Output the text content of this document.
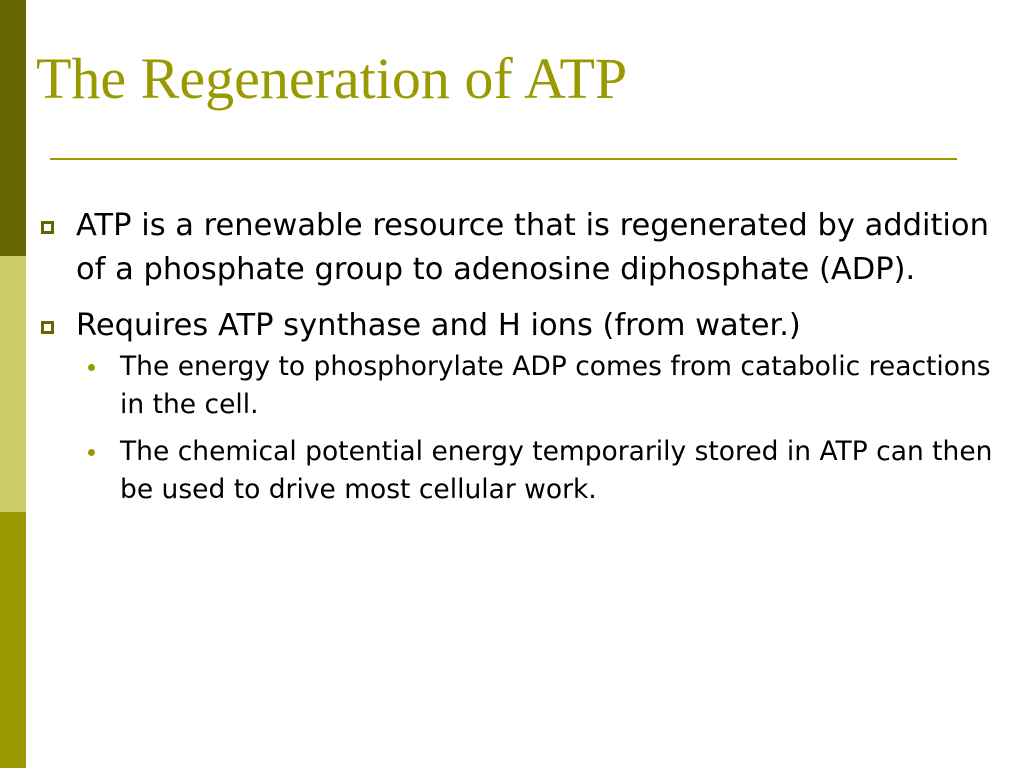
The Regeneration of ATP
ATP is a renewable resource that is regenerated by addition of a phosphate group to adenosine diphosphate (ADP).
Requires ATP synthase and H ions (from water.)
The energy to phosphorylate ADP comes from catabolic reactions in the cell.
The chemical potential energy temporarily stored in ATP can then be used to drive most cellular work.
